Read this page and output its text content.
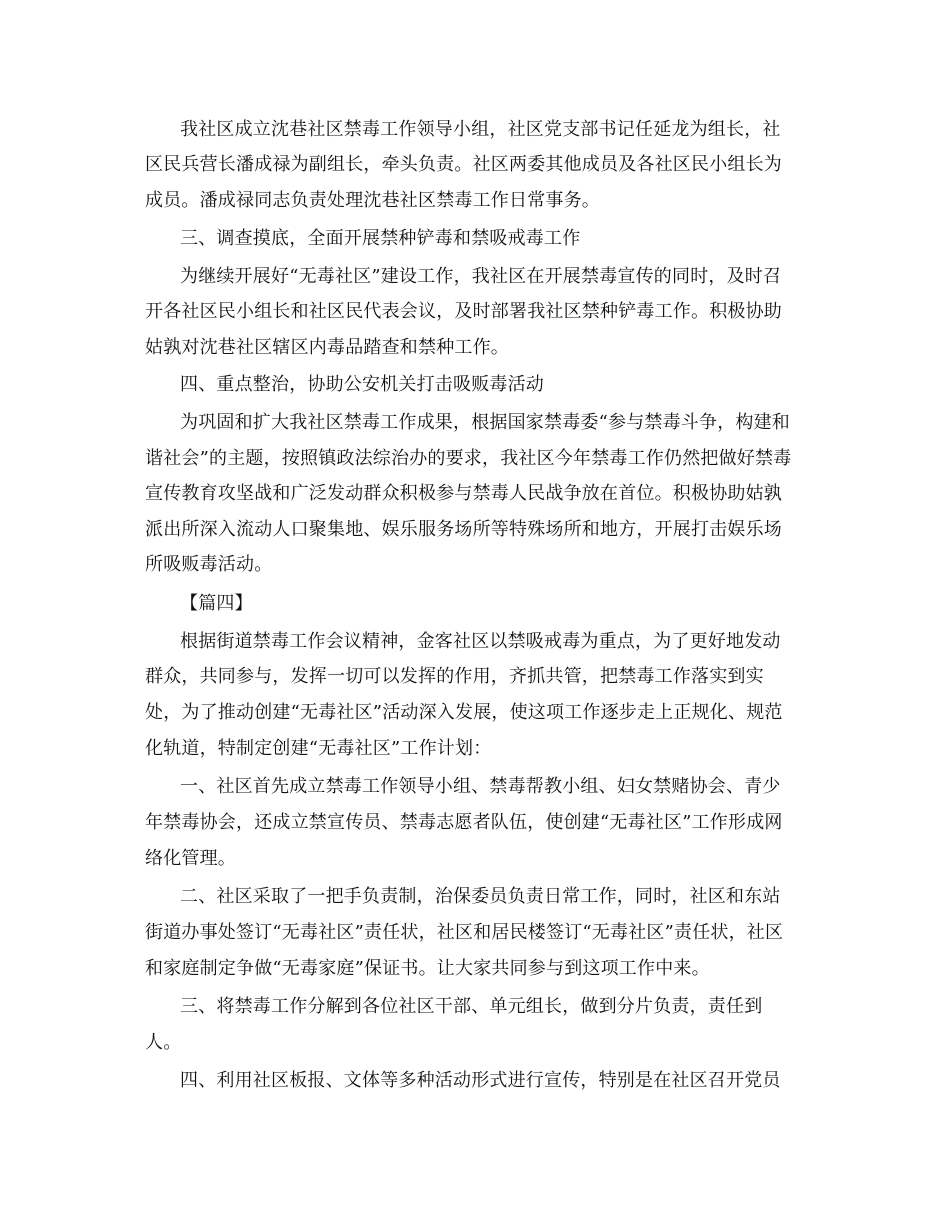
我社区成立沈巷社区禁毒工作领导小组，社区党支部书记任延龙为组长，社
区民兵营长潘成禄为副组长，牵头负责。社区两委其他成员及各社区民小组长为
成员。潘成禄同志负责处理沈巷社区禁毒工作日常事务。
三、调查摸底，全面开展禁种铲毒和禁吸戒毒工作
为继续开展好“无毒社区”建设工作，我社区在开展禁毒宣传的同时，及时召
开各社区民小组长和社区民代表会议，及时部署我社区禁种铲毒工作。积极协助
姑孰对沈巷社区辖区内毒品踏查和禁种工作。
四、重点整治，协助公安机关打击吸贩毒活动
为巩固和扩大我社区禁毒工作成果，根据国家禁毒委“参与禁毒斗争，构建和
谐社会”的主题，按照镇政法综治办的要求，我社区今年禁毒工作仍然把做好禁毒
宣传教育攻坚战和广泛发动群众积极参与禁毒人民战争放在首位。积极协助姑孰
派出所深入流动人口聚集地、娱乐服务场所等特殊场所和地方，开展打击娱乐场
所吸贩毒活动。
【篇四】
根据街道禁毒工作会议精神，金客社区以禁吸戒毒为重点，为了更好地发动
群众，共同参与，发挥一切可以发挥的作用，齐抓共管，把禁毒工作落实到实
处，为了推动创建“无毒社区”活动深入发展，使这项工作逐步走上正规化、规范
化轨道，特制定创建“无毒社区”工作计划：
一、社区首先成立禁毒工作领导小组、禁毒帮教小组、妇女禁赌协会、青少
年禁毒协会，还成立禁宣传员、禁毒志愿者队伍，使创建“无毒社区”工作形成网
络化管理。
二、社区采取了一把手负责制，治保委员负责日常工作，同时，社区和东站
街道办事处签订“无毒社区”责任状，社区和居民楼签订“无毒社区”责任状，社区
和家庭制定争做“无毒家庭”保证书。让大家共同参与到这项工作中来。
三、将禁毒工作分解到各位社区干部、单元组长，做到分片负责，责任到
人。
四、利用社区板报、文体等多种活动形式进行宣传，特别是在社区召开党员
